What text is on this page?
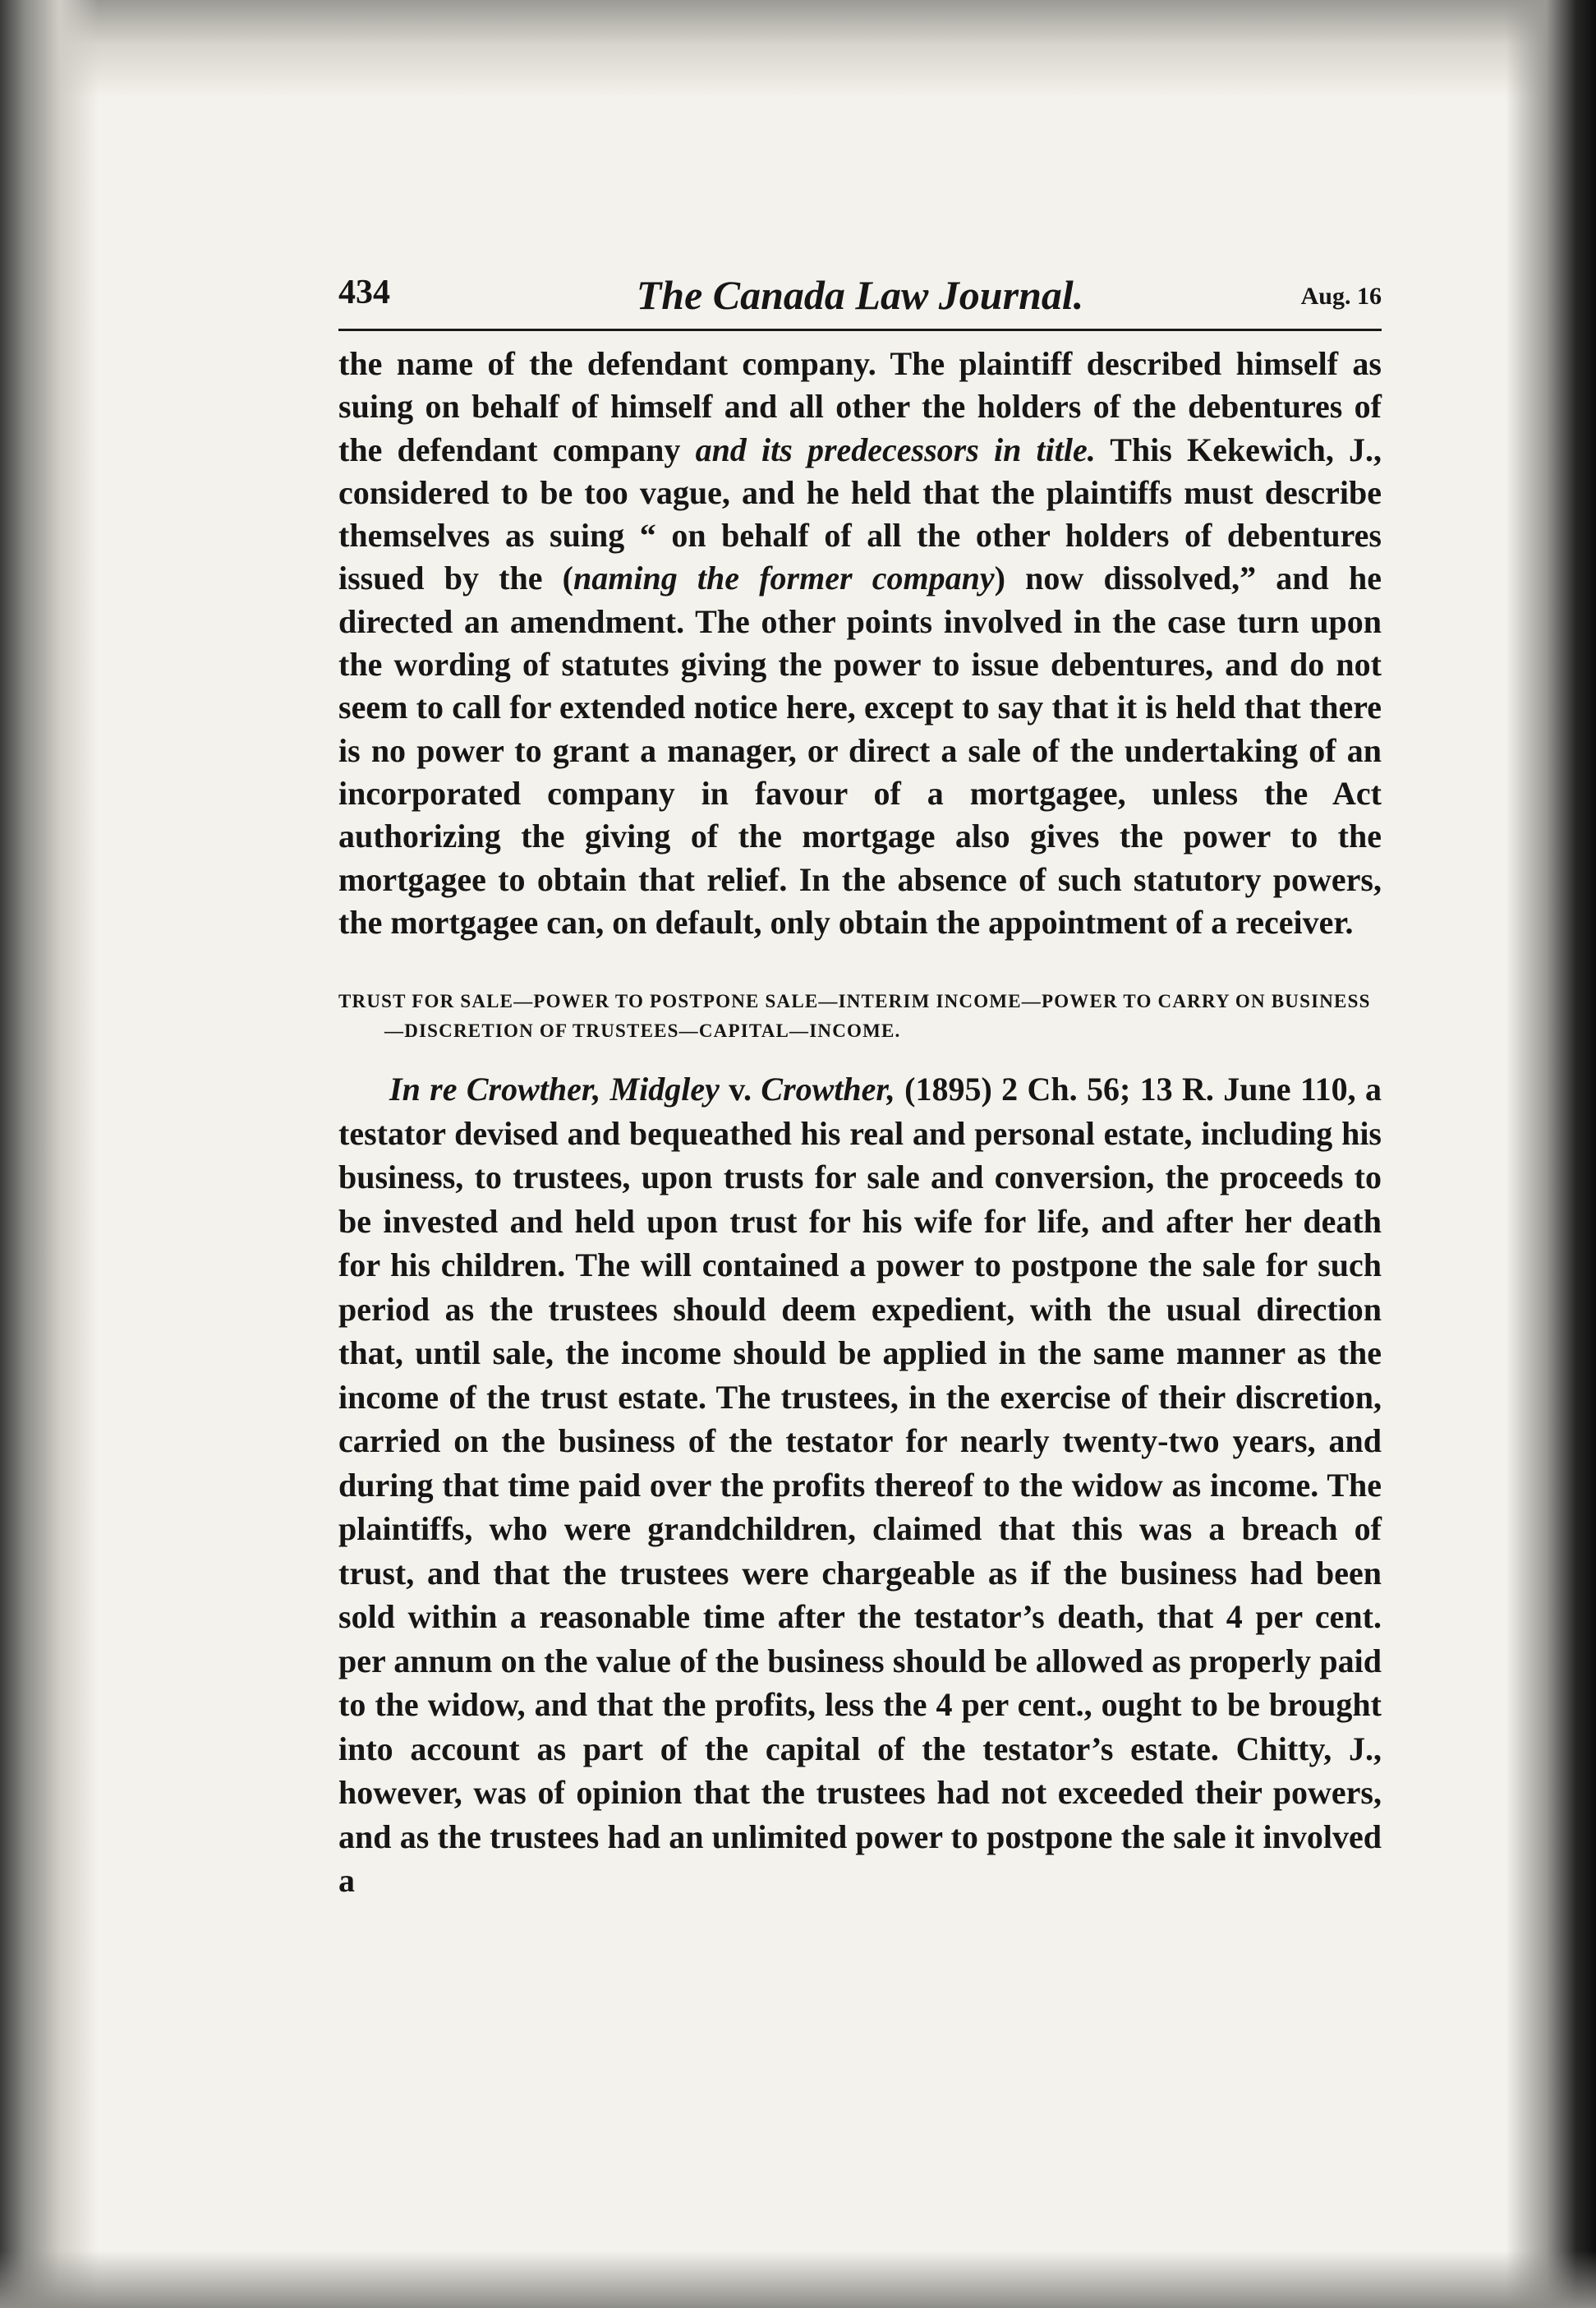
434	The Canada Law Journal.	Aug. 16

the name of the defendant company. The plaintiff described himself as suing on behalf of himself and all other the holders of the debentures of the defendant company and its predecessors in title. This Kekewich, J., considered to be too vague, and he held that the plaintiffs must describe themselves as suing “ on behalf of all the other holders of debentures issued by the (naming the former company) now dissolved,” and he directed an amendment. The other points involved in the case turn upon the wording of statutes giving the power to issue debentures, and do not seem to call for extended notice here, except to say that it is held that there is no power to grant a manager, or direct a sale of the undertaking of an incorporated company in favour of a mortgagee, unless the Act authorizing the giving of the mortgage also gives the power to the mortgagee to obtain that relief. In the absence of such statutory powers, the mortgagee can, on default, only obtain the appointment of a receiver.

TRUST FOR SALE—POWER TO POSTPONE SALE—INTERIM INCOME—POWER TO CARRY ON BUSINESS—DISCRETION OF TRUSTEES—CAPITAL—INCOME.

In re Crowther, Midgley v. Crowther, (1895) 2 Ch. 56; 13 R. June 110, a testator devised and bequeathed his real and personal estate, including his business, to trustees, upon trusts for sale and conversion, the proceeds to be invested and held upon trust for his wife for life, and after her death for his children. The will contained a power to postpone the sale for such period as the trustees should deem expedient, with the usual direction that, until sale, the income should be applied in the same manner as the income of the trust estate. The trustees, in the exercise of their discretion, carried on the business of the testator for nearly twenty-two years, and during that time paid over the profits thereof to the widow as income. The plaintiffs, who were grandchildren, claimed that this was a breach of trust, and that the trustees were chargeable as if the business had been sold within a reasonable time after the testator’s death, that 4 per cent. per annum on the value of the business should be allowed as properly paid to the widow, and that the profits, less the 4 per cent., ought to be brought into account as part of the capital of the testator’s estate. Chitty, J., however, was of opinion that the trustees had not exceeded their powers, and as the trustees had an unlimited power to postpone the sale it involved a
